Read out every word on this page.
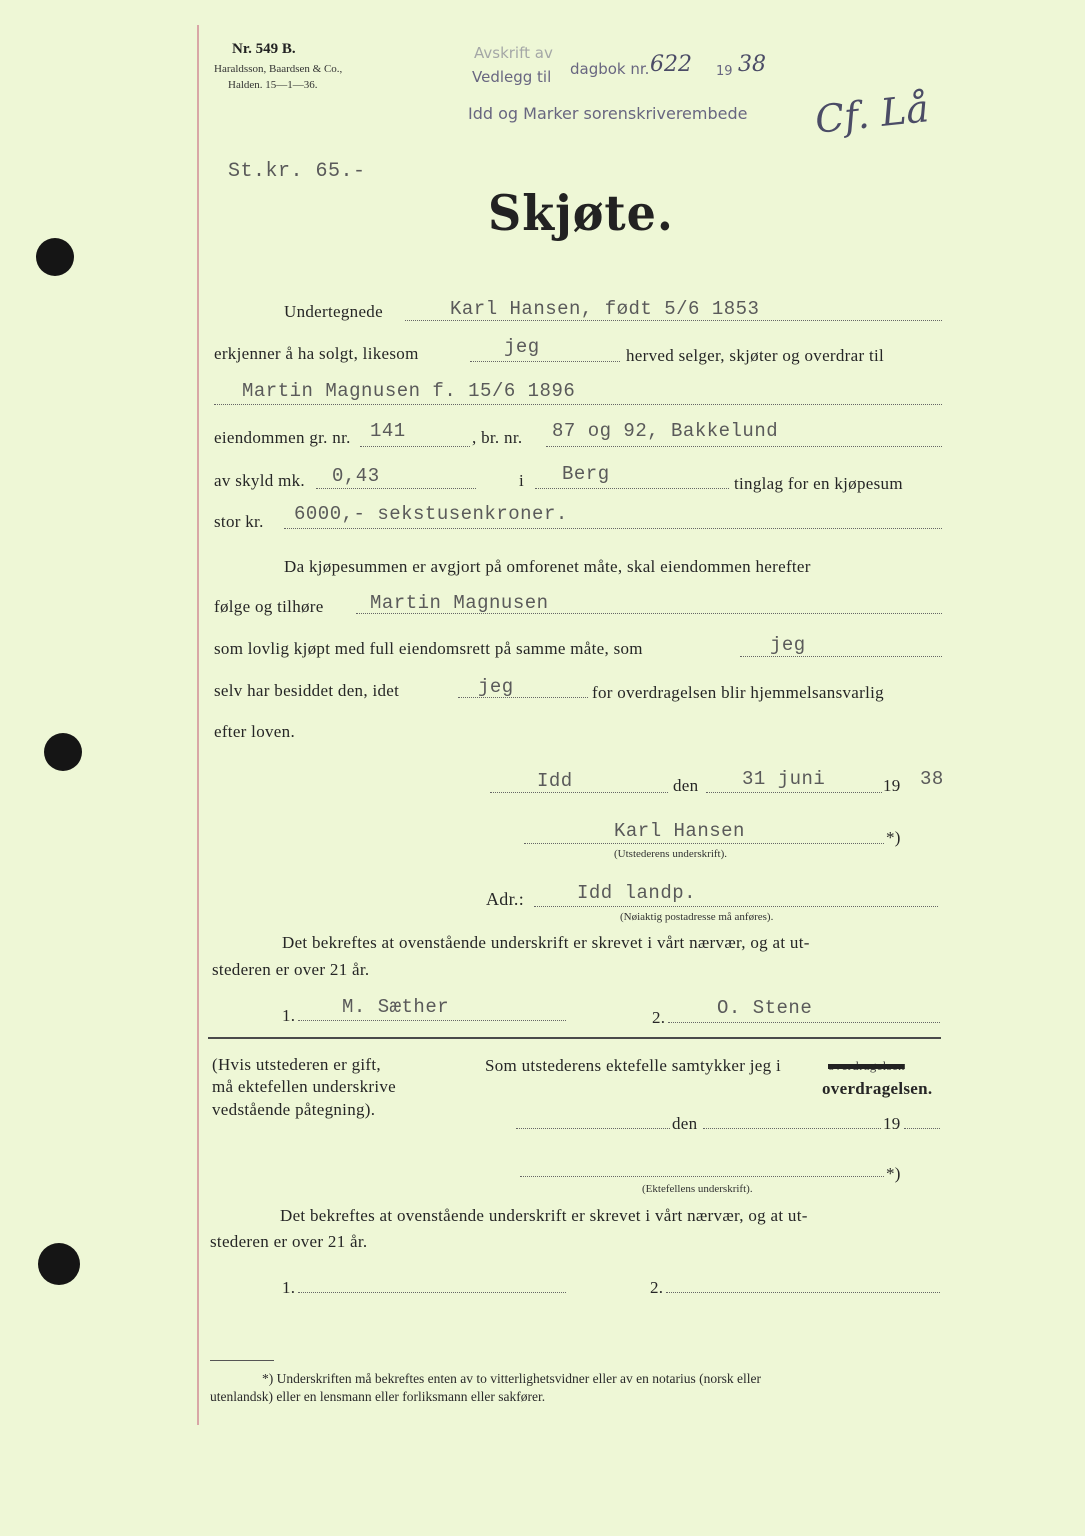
Nr. 549 B.
Haraldsson, Baardsen & Co.,
Halden. 15—1—36.
Avskrift av
dagbok nr. 622 19 38
Vedlegg til
Idd og Marker sorenskriverembede Cf. Lå
St.kr. 65.-
Skjøte.
Undertegnede	Karl Hansen, født 5/6 1853
erkjenner å ha solgt, likesom	jeg	herved selger, skjøter og overdrar til
Martin Magnusen f. 15/6 1896
eiendommen gr. nr. 141	, br. nr. 87 og 92, Bakkelund
av skyld mk. 0,43	i Berg	tinglag for en kjøpesum
stor kr. 6000,- sekstusenkroner.
Da kjøpesummen er avgjort på omforenet måte, skal eiendommen herefter
følge og tilhøre Martin Magnusen
som lovlig kjøpt med full eiendomsrett på samme måte, som	jeg
selv har besiddet den, idet	jeg	for overdragelsen blir hjemmelsansvarlig
efter loven.
Idd	den 31 juni	19 38
Karl Hansen	*)
(Utstederens underskrift).
Adr.:	Idd landp.
(Nøiaktig postadresse må anføres).
Det bekreftes at ovenstående underskrift er skrevet i vårt nærvær, og at ut-
stederen er over 21 år.
1. M. Sæther	2.	O. Stene
(Hvis utstederen er gift,
må ektefellen underskrive
vedstående påtegning).
Som utstederens ektefelle samtykker jeg i	overdragelsen
overdragelsen.
den	19
*)
(Ektefellens underskrift).
Det bekreftes at ovenstående underskrift er skrevet i vårt nærvær, og at ut-
stederen er over 21 år.
1.	2.
*) Underskriften må bekreftes enten av to vitterlighetsvidner eller av en notarius (norsk eller
utenlandsk) eller en lensmann eller forliksmann eller sakfører.
